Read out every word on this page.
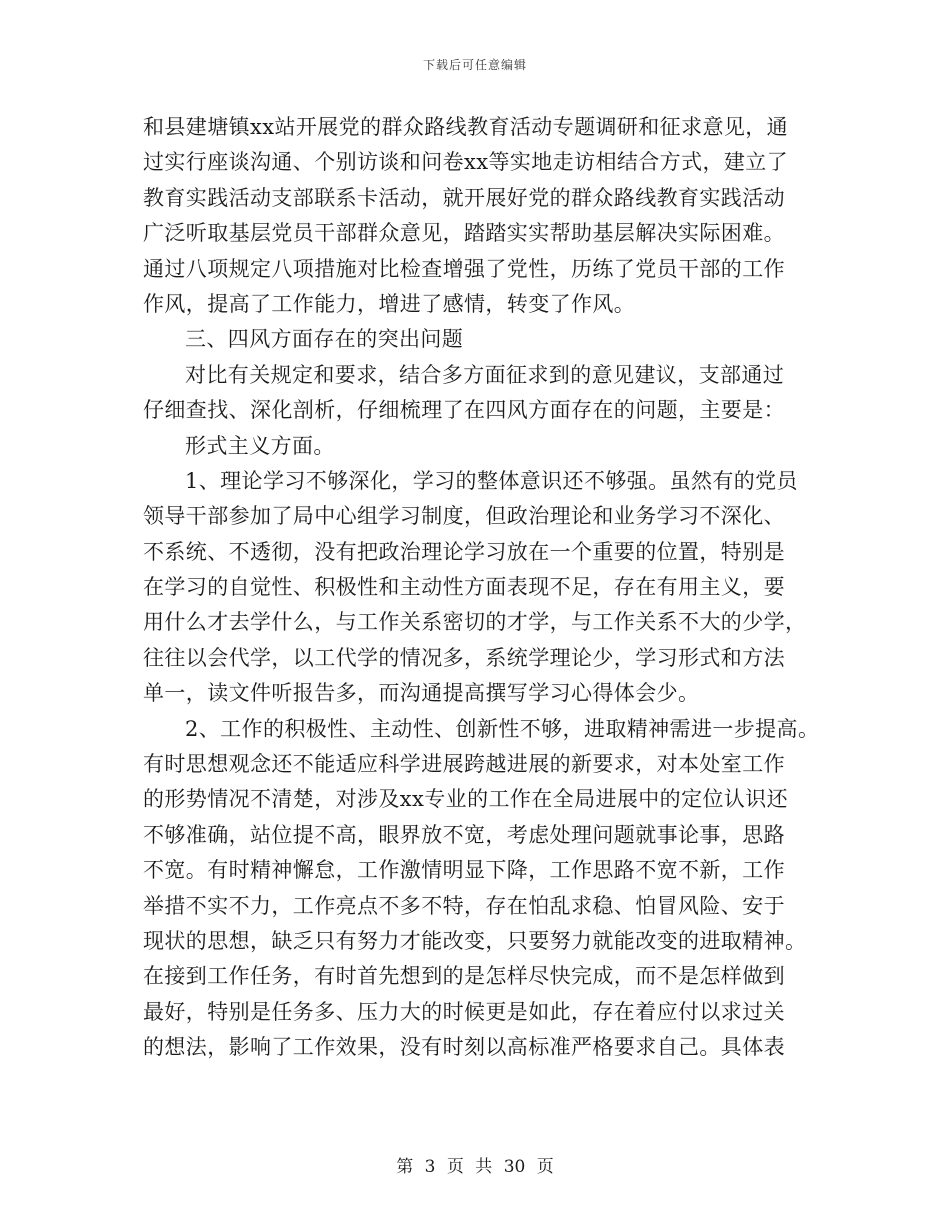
下载后可任意编辑
和县建塘镇xx站开展党的群众路线教育活动专题调研和征求意见，通
过实行座谈沟通、个别访谈和问卷xx等实地走访相结合方式，建立了
教育实践活动支部联系卡活动，就开展好党的群众路线教育实践活动
广泛听取基层党员干部群众意见，踏踏实实帮助基层解决实际困难。
通过八项规定八项措施对比检查增强了党性，历练了党员干部的工作
作风，提高了工作能力，增进了感情，转变了作风。
三、四风方面存在的突出问题
对比有关规定和要求，结合多方面征求到的意见建议，支部通过
仔细查找、深化剖析，仔细梳理了在四风方面存在的问题，主要是：
形式主义方面。
1、理论学习不够深化，学习的整体意识还不够强。虽然有的党员
领导干部参加了局中心组学习制度，但政治理论和业务学习不深化、
不系统、不透彻，没有把政治理论学习放在一个重要的位置，特别是
在学习的自觉性、积极性和主动性方面表现不足，存在有用主义，要
用什么才去学什么，与工作关系密切的才学，与工作关系不大的少学，
往往以会代学，以工代学的情况多，系统学理论少，学习形式和方法
单一，读文件听报告多，而沟通提高撰写学习心得体会少。
2、工作的积极性、主动性、创新性不够，进取精神需进一步提高。
有时思想观念还不能适应科学进展跨越进展的新要求，对本处室工作
的形势情况不清楚，对涉及xx专业的工作在全局进展中的定位认识还
不够准确，站位提不高，眼界放不宽，考虑处理问题就事论事，思路
不宽。有时精神懈怠，工作激情明显下降，工作思路不宽不新，工作
举措不实不力，工作亮点不多不特，存在怕乱求稳、怕冒风险、安于
现状的思想，缺乏只有努力才能改变，只要努力就能改变的进取精神。
在接到工作任务，有时首先想到的是怎样尽快完成，而不是怎样做到
最好，特别是任务多、压力大的时候更是如此，存在着应付以求过关
的想法，影响了工作效果，没有时刻以高标准严格要求自己。具体表
第 3 页 共 30 页
